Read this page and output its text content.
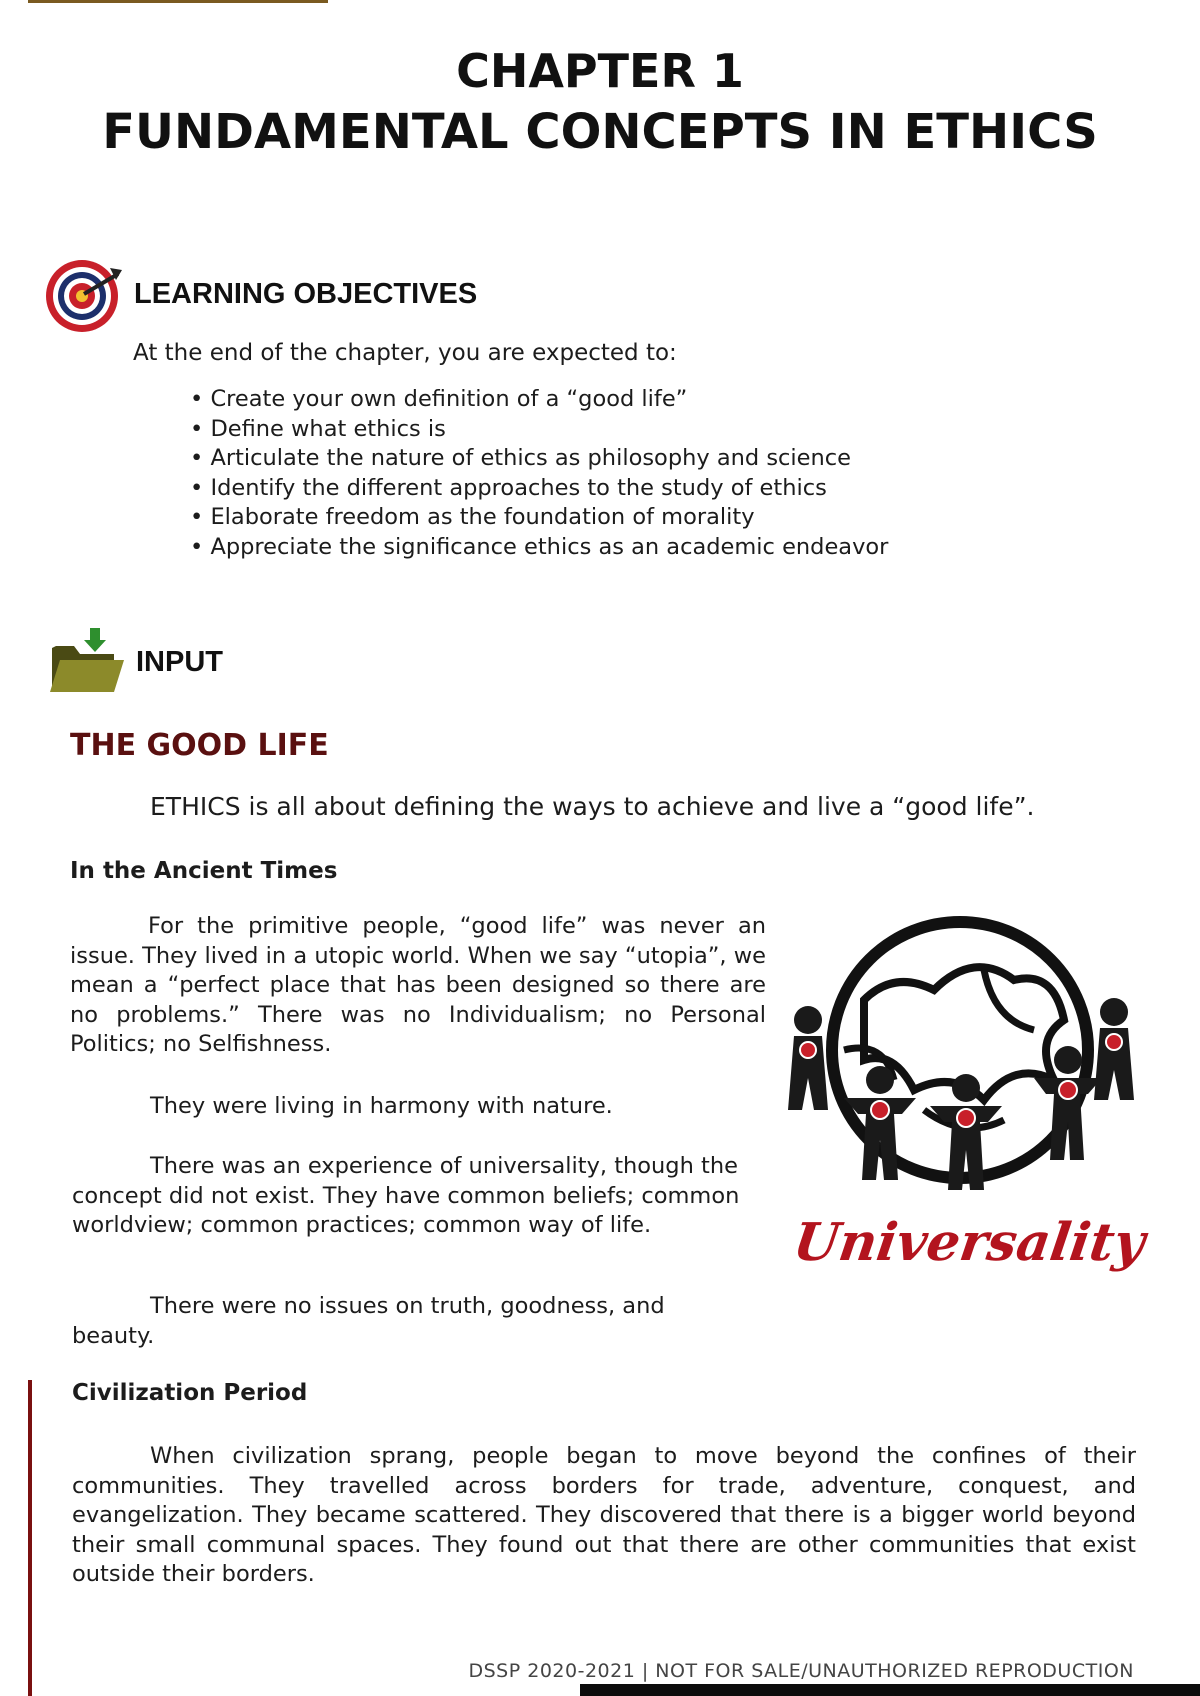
CHAPTER 1
FUNDAMENTAL CONCEPTS IN ETHICS
LEARNING OBJECTIVES
At the end of the chapter, you are expected to:
• Create your own definition of a “good life”
• Define what ethics is
• Articulate the nature of ethics as philosophy and science
• Identify the different approaches to the study of ethics
• Elaborate freedom as the foundation of morality
• Appreciate the significance ethics as an academic endeavor
INPUT
THE GOOD LIFE
ETHICS is all about defining the ways to achieve and live a “good life”.
In the Ancient Times

For the primitive people, “good life” was never an issue. They lived in a utopic world. When we say “utopia”, we mean a “perfect place that has been designed so there are no problems.” There was no Individualism; no Personal Politics; no Selfishness.

They were living in harmony with nature.

There was an experience of universality, though the concept did not exist. They have common beliefs; common worldview; common practices; common way of life.

There were no issues on truth, goodness, and beauty.

Universality
Civilization Period

When civilization sprang, people began to move beyond the confines of their communities. They travelled across borders for trade, adventure, conquest, and evangelization. They became scattered. They discovered that there is a bigger world beyond their small communal spaces. They found out that there are other communities that exist outside their borders.

DSSP 2020-2021 | NOT FOR SALE/UNAUTHORIZED REPRODUCTION
